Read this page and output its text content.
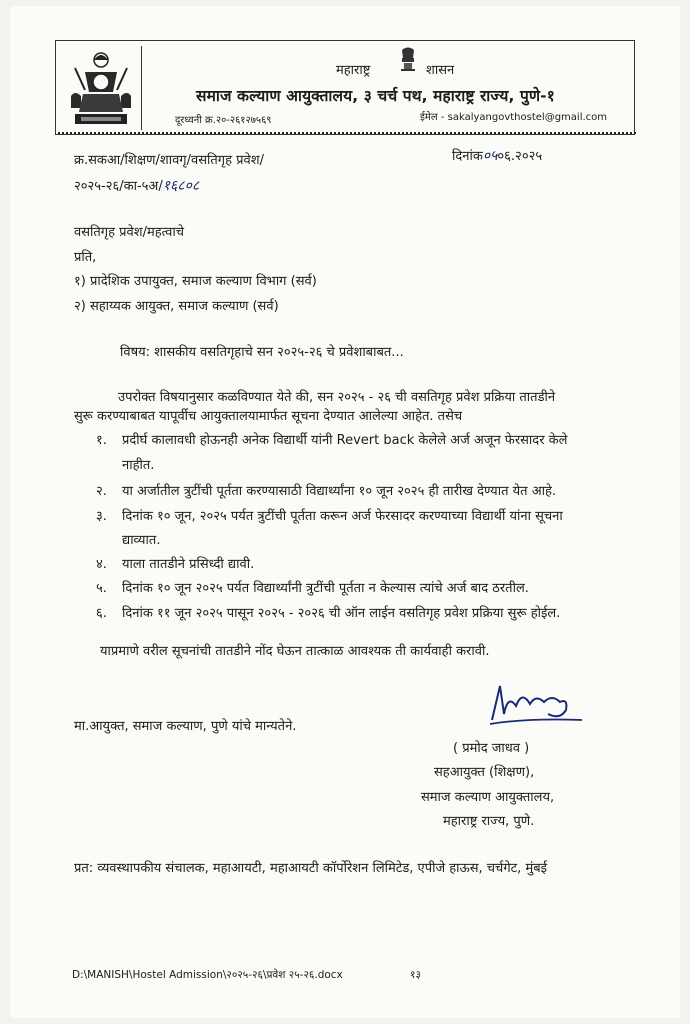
महाराष्ट्र	शासन
समाज कल्याण आयुक्तालय, ३ चर्च पथ, महाराष्ट्र राज्य, पुणे-१
दूरध्वनी क्र.२०-२६१२७५६९	ईमेल - sakalyangovthostel@gmail.com
क्र.सकआ/शिक्षण/शावगृ/वसतिगृह प्रवेश/
२०२५-२६/का-५अ/१६८०८
दिनांक०५०६.२०२५
वसतिगृह प्रवेश/महत्वाचे
प्रति,
१) प्रादेशिक उपायुक्त, समाज कल्याण विभाग (सर्व)
२) सहाय्यक आयुक्त, समाज कल्याण (सर्व)
विषय: शासकीय वसतिगृहाचे सन २०२५-२६ चे प्रवेशाबाबत...
उपरोक्त विषयानुसार कळविण्यात येते की, सन २०२५ - २६ ची वसतिगृह प्रवेश प्रक्रिया तातडीने
सुरू करण्याबाबत यापूर्वीच आयुक्तालयामार्फत सूचना देण्यात आलेल्या आहेत. तसेच
१. प्रदीर्घ कालावधी होऊनही अनेक विद्यार्थी यांनी Revert back केलेले अर्ज अजून फेरसादर केले
नाहीत.
२. या अर्जातील त्रुटींची पूर्तता करण्यासाठी विद्यार्थ्यांना १० जून २०२५ ही तारीख देण्यात येत आहे.
३. दिनांक १० जून, २०२५ पर्यत त्रुटींची पूर्तता करून अर्ज फेरसादर करण्याच्या विद्यार्थी यांना सूचना
द्याव्यात.
४. याला तातडीने प्रसिध्दी द्यावी.
५. दिनांक १० जून २०२५ पर्यत विद्यार्थ्यांनी त्रुटींची पूर्तता न केल्यास त्यांचे अर्ज बाद ठरतील.
६. दिनांक ११ जून २०२५ पासून २०२५ - २०२६ ची ऑन लाईन वसतिगृह प्रवेश प्रक्रिया सुरू होईल.
याप्रमाणे वरील सूचनांची तातडीने नोंद घेऊन तात्काळ आवश्यक ती कार्यवाही करावी.
मा.आयुक्त, समाज कल्याण, पुणे यांचे मान्यतेने.
( प्रमोद जाधव )
सहआयुक्त (शिक्षण),
समाज कल्याण आयुक्तालय,
महाराष्ट्र राज्य, पुणे.
प्रत: व्यवस्थापकीय संचालक, महाआयटी, महाआयटी कॉर्पोरेशन लिमिटेड, एपीजे हाऊस, चर्चगेट, मुंबई
D:\MANISH\Hostel Admission\२०२५-२६\प्रवेश २५-२६.docx	१३
